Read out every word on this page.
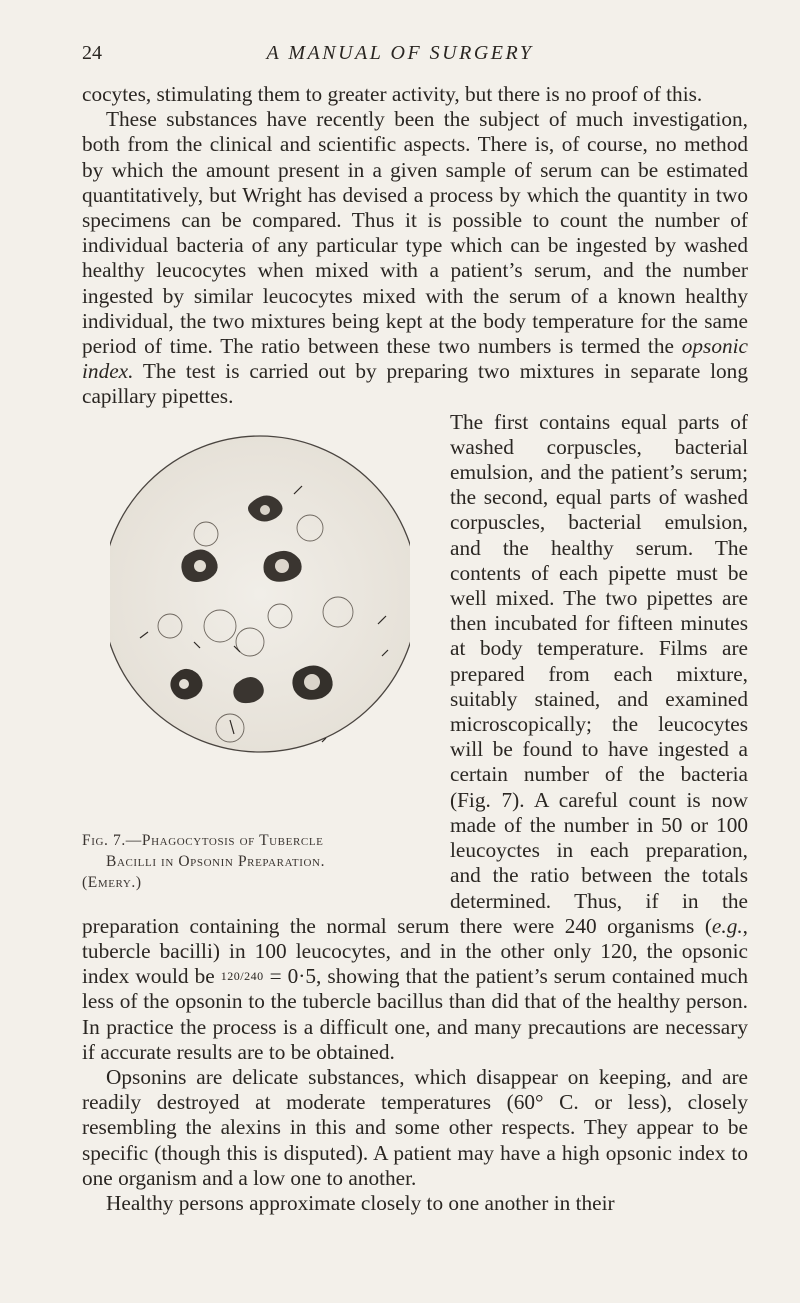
24	A MANUAL OF SURGERY

cocytes, stimulating them to greater activity, but there is no proof of this.

These substances have recently been the subject of much investigation, both from the clinical and scientific aspects. There is, of course, no method by which the amount present in a given sample of serum can be estimated quantitatively, but Wright has devised a process by which the quantity in two specimens can be compared. Thus it is possible to count the number of individual bacteria of any particular type which can be ingested by washed healthy leucocytes when mixed with a patient’s serum, and the number ingested by similar leucocytes mixed with the serum of a known healthy individual, the two mixtures being kept at the body temperature for the same period of time. The ratio between these two numbers is termed the opsonic index. The test is carried out by preparing two mixtures in separate long capillary pipettes.

Fig. 7.—Phagocytosis of Tubercle
Bacilli in Opsonin Preparation.
(Emery.)

The first contains equal parts of washed corpuscles, bacterial emulsion, and the patient’s serum; the second, equal parts of washed corpuscles, bacterial emulsion, and the healthy serum. The contents of each pipette must be well mixed. The two pipettes are then incubated for fifteen minutes at body temperature. Films are prepared from each mixture, suitably stained, and examined microscopically; the leucocytes will be found to have ingested a certain number of the bacteria (Fig. 7). A careful count is now made of the number in 50 or 100 leucoyctes in each preparation, and the ratio between the totals determined. Thus, if in the preparation containing the normal serum there were 240 organisms (e.g., tubercle bacilli) in 100 leucocytes, and in the other only 120, the opsonic index would be 120/240 = 0·5, showing that the patient’s serum contained much less of the opsonin to the tubercle bacillus than did that of the healthy person. In practice the process is a difficult one, and many precautions are necessary if accurate results are to be obtained.

Opsonins are delicate substances, which disappear on keeping, and are readily destroyed at moderate temperatures (60° C. or less), closely resembling the alexins in this and some other respects. They appear to be specific (though this is disputed). A patient may have a high opsonic index to one organism and a low one to another.

Healthy persons approximate closely to one another in their
